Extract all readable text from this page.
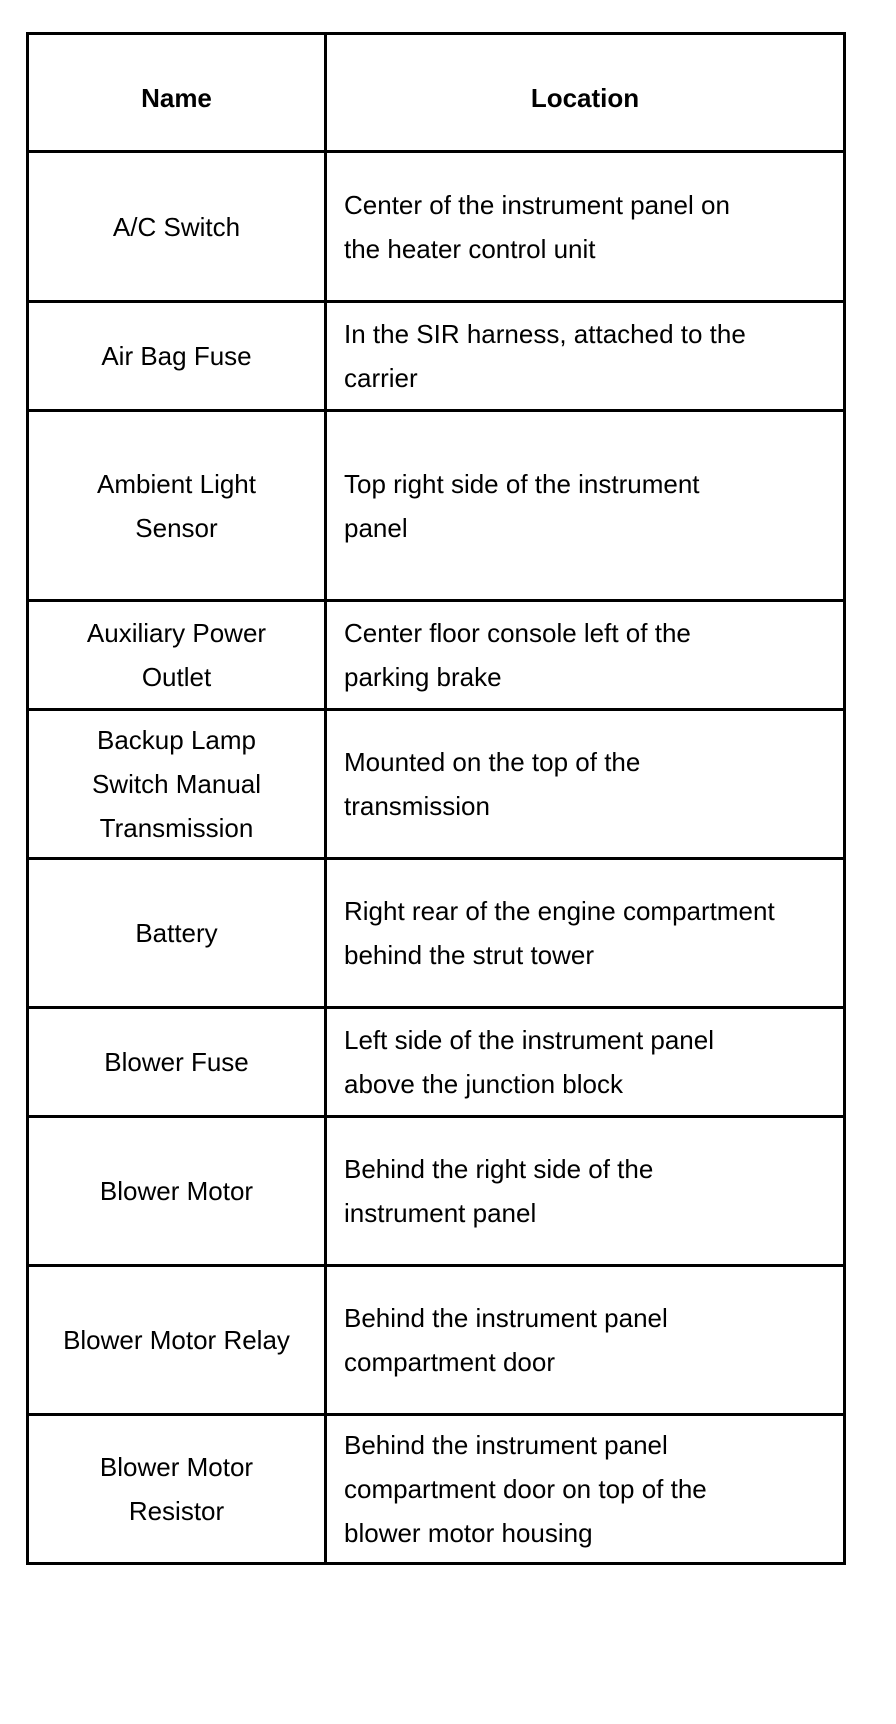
Name	Location
A/C Switch	Center of the instrument panel on the heater control unit
Air Bag Fuse	In the SIR harness, attached to the carrier
Ambient Light Sensor	Top right side of the instrument panel
Auxiliary Power Outlet	Center floor console left of the parking brake
Backup Lamp Switch Manual Transmission	Mounted on the top of the transmission
Battery	Right rear of the engine compartment behind the strut tower
Blower Fuse	Left side of the instrument panel above the junction block
Blower Motor	Behind the right side of the instrument panel
Blower Motor Relay	Behind the instrument panel compartment door
Blower Motor Resistor	Behind the instrument panel compartment door on top of the blower motor housing
